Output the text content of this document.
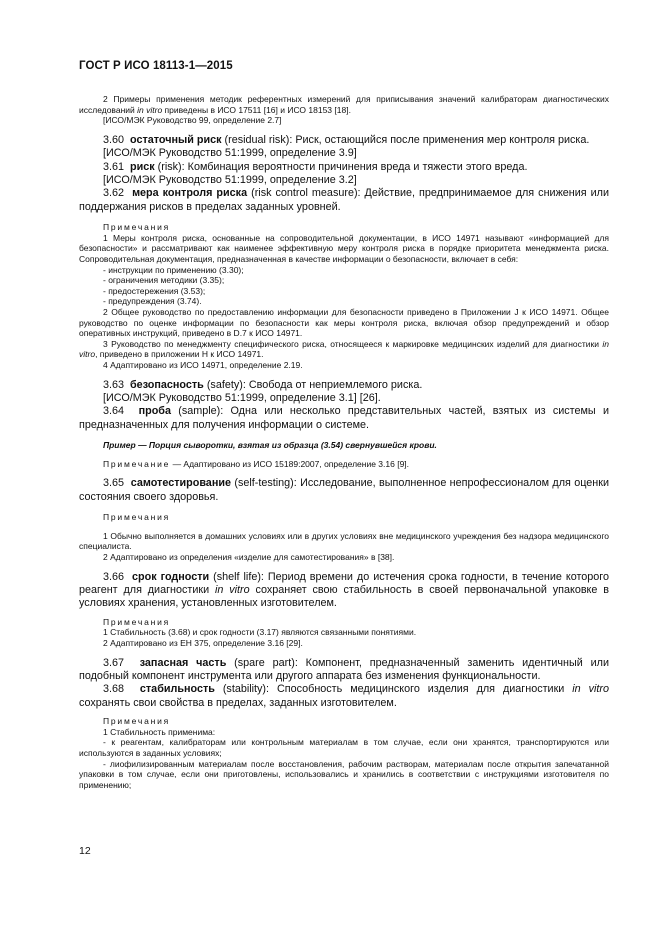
ГОСТ Р ИСО 18113-1—2015

2 Примеры применения методик референтных измерений для приписывания значений калибраторам диагностических исследований in vitro приведены в ИСО 17511 [16] и ИСО 18153 [18].

[ИСО/МЭК Руководство 99, определение 2.7]

3.60 остаточный риск (residual risk): Риск, остающийся после применения мер контроля риска.

[ИСО/МЭК Руководство 51:1999, определение 3.9]

3.61 риск (risk): Комбинация вероятности причинения вреда и тяжести этого вреда.

[ИСО/МЭК Руководство 51:1999, определение 3.2]

3.62 мера контроля риска (risk control measure): Действие, предпринимаемое для снижения или поддержания рисков в пределах заданных уровней.

Примечания

1 Меры контроля риска, основанные на сопроводительной документации, в ИСО 14971 называют «информацией для безопасности» и рассматривают как наименее эффективную меру контроля риска в порядке приоритета менеджмента риска. Сопроводительная документация, предназначенная в качестве информации о безопасности, включает в себя:

- инструкции по применению (3.30);

- ограничения методики (3.35);

- предостережения (3.53);

- предупреждения (3.74).

2 Общее руководство по предоставлению информации для безопасности приведено в Приложении J к ИСО 14971. Общее руководство по оценке информации по безопасности как меры контроля риска, включая обзор предупреждений и обзор оперативных инструкций, приведено в D.7 к ИСО 14971.

3 Руководство по менеджменту специфического риска, относящееся к маркировке медицинских изделий для диагностики in vitro, приведено в приложении Н к ИСО 14971.

4 Адаптировано из ИСО 14971, определение 2.19.

3.63 безопасность (safety): Свобода от неприемлемого риска.

[ИСО/МЭК Руководство 51:1999, определение 3.1] [26].

3.64 проба (sample): Одна или несколько представительных частей, взятых из системы и предназначенных для получения информации о системе.

Пример — Порция сыворотки, взятая из образца (3.54) свернувшейся крови.

Примечание — Адаптировано из ИСО 15189:2007, определение 3.16 [9].

3.65 самотестирование (self-testing): Исследование, выполненное непрофессионалом для оценки состояния своего здоровья.

Примечания

1 Обычно выполняется в домашних условиях или в других условиях вне медицинского учреждения без надзора медицинского специалиста.

2 Адаптировано из определения «изделие для самотестирования» в [38].

3.66 срок годности (shelf life): Период времени до истечения срока годности, в течение которого реагент для диагностики in vitro сохраняет свою стабильность в своей первоначальной упаковке в условиях хранения, установленных изготовителем.

Примечания

1 Стабильность (3.68) и срок годности (3.17) являются связанными понятиями.

2 Адаптировано из ЕН 375, определение 3.16 [29].

3.67 запасная часть (spare part): Компонент, предназначенный заменить идентичный или подобный компонент инструмента или другого аппарата без изменения функциональности.

3.68 стабильность (stability): Способность медицинского изделия для диагностики in vitro сохранять свои свойства в пределах, заданных изготовителем.

Примечания

1 Стабильность применима:

- к реагентам, калибраторам или контрольным материалам в том случае, если они хранятся, транспортируются или используются в заданных условиях;

- лиофилизированным материалам после восстановления, рабочим растворам, материалам после открытия запечатанной упаковки в том случае, если они приготовлены, использовались и хранились в соответствии с инструкциями изготовителя по применению;

12
